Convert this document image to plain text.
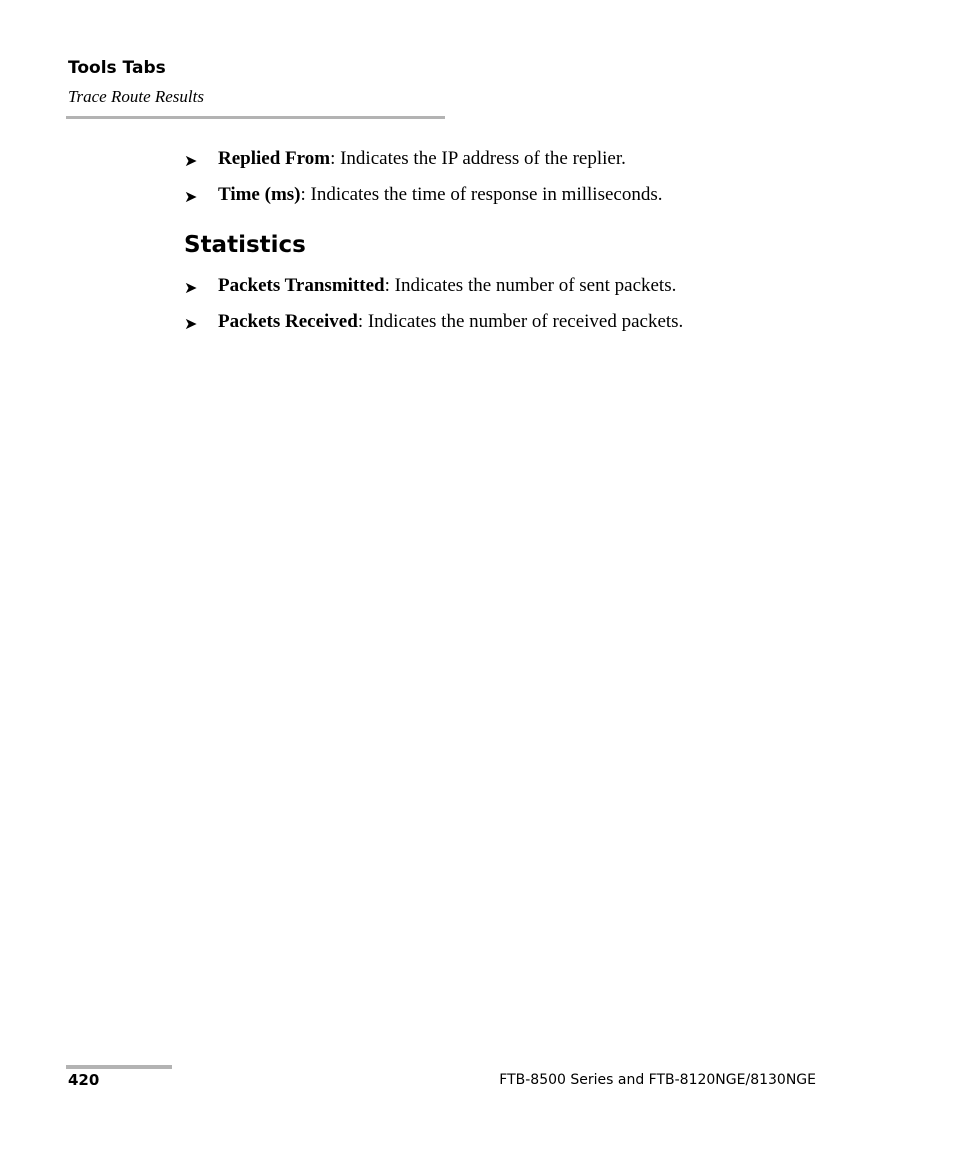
Tools Tabs

Trace Route Results

➤ Replied From: Indicates the IP address of the replier.

➤ Time (ms): Indicates the time of response in milliseconds.

Statistics

➤ Packets Transmitted: Indicates the number of sent packets.

➤ Packets Received: Indicates the number of received packets.

420	FTB-8500 Series and FTB-8120NGE/8130NGE
